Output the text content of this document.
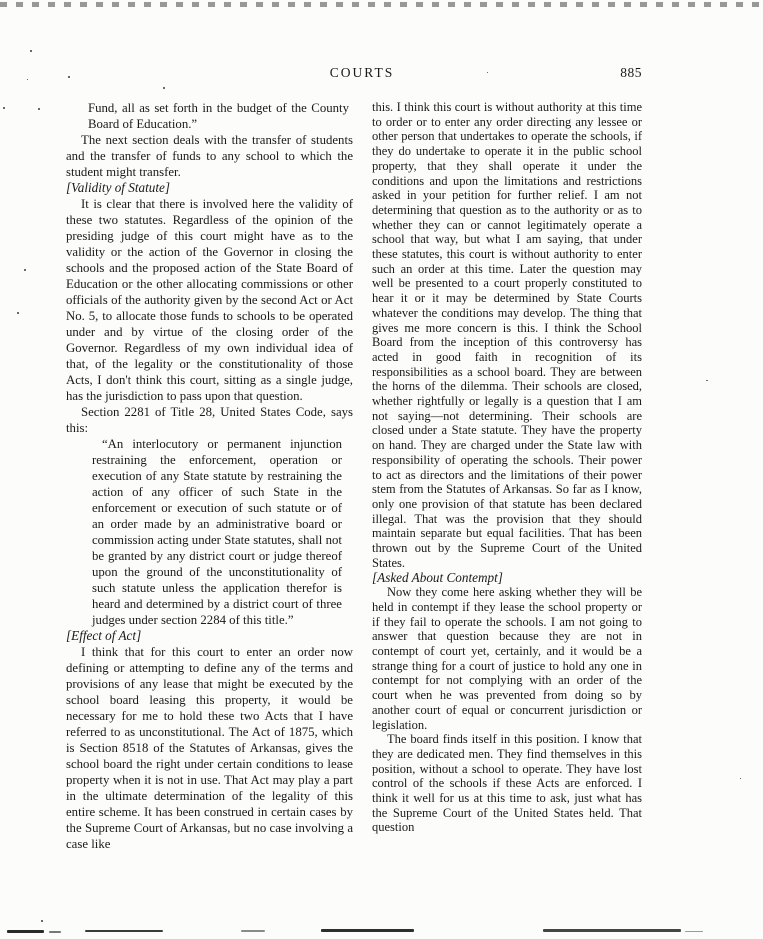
COURTS	885

Fund, all as set forth in the budget of the County Board of Education.”

The next section deals with the transfer of students and the transfer of funds to any school to which the student might transfer.

[Validity of Statute]

It is clear that there is involved here the validity of these two statutes. Regardless of the opinion of the presiding judge of this court might have as to the validity or the action of the Governor in closing the schools and the proposed action of the State Board of Education or the other allocating commissions or other officials of the authority given by the second Act or Act No. 5, to allocate those funds to schools to be operated under and by virtue of the closing order of the Governor. Regardless of my own individual idea of that, of the legality or the constitutionality of those Acts, I don't think this court, sitting as a single judge, has the jurisdiction to pass upon that question.

Section 2281 of Title 28, United States Code, says this:

“An interlocutory or permanent injunction restraining the enforcement, operation or execution of any State statute by restraining the action of any officer of such State in the enforcement or execution of such statute or of an order made by an administrative board or commission acting under State statutes, shall not be granted by any district court or judge thereof upon the ground of the unconstitutionality of such statute unless the application therefor is heard and determined by a district court of three judges under section 2284 of this title.”

[Effect of Act]

I think that for this court to enter an order now defining or attempting to define any of the terms and provisions of any lease that might be executed by the school board leasing this property, it would be necessary for me to hold these two Acts that I have referred to as unconstitutional. The Act of 1875, which is Section 8518 of the Statutes of Arkansas, gives the school board the right under certain conditions to lease property when it is not in use. That Act may play a part in the ultimate determination of the legality of this entire scheme. It has been construed in certain cases by the Supreme Court of Arkansas, but no case involving a case like

this. I think this court is without authority at this time to order or to enter any order directing any lessee or other person that undertakes to operate the schools, if they do undertake to operate it in the public school property, that they shall operate it under the conditions and upon the limitations and restrictions asked in your petition for further relief. I am not determining that question as to the authority or as to whether they can or cannot legitimately operate a school that way, but what I am saying, that under these statutes, this court is without authority to enter such an order at this time. Later the question may well be presented to a court properly constituted to hear it or it may be determined by State Courts whatever the conditions may develop. The thing that gives me more concern is this. I think the School Board from the inception of this controversy has acted in good faith in recognition of its responsibilities as a school board. They are between the horns of the dilemma. Their schools are closed, whether rightfully or legally is a question that I am not saying—not determining. Their schools are closed under a State statute. They have the property on hand. They are charged under the State law with responsibility of operating the schools. Their power to act as directors and the limitations of their power stem from the Statutes of Arkansas. So far as I know, only one provision of that statute has been declared illegal. That was the provision that they should maintain separate but equal facilities. That has been thrown out by the Supreme Court of the United States.

[Asked About Contempt]

Now they come here asking whether they will be held in contempt if they lease the school property or if they fail to operate the schools. I am not going to answer that question because they are not in contempt of court yet, certainly, and it would be a strange thing for a court of justice to hold any one in contempt for not complying with an order of the court when he was prevented from doing so by another court of equal or concurrent jurisdiction or legislation.

The board finds itself in this position. I know that they are dedicated men. They find themselves in this position, without a school to operate. They have lost control of the schools if these Acts are enforced. I think it well for us at this time to ask, just what has the Supreme Court of the United States held. That question
